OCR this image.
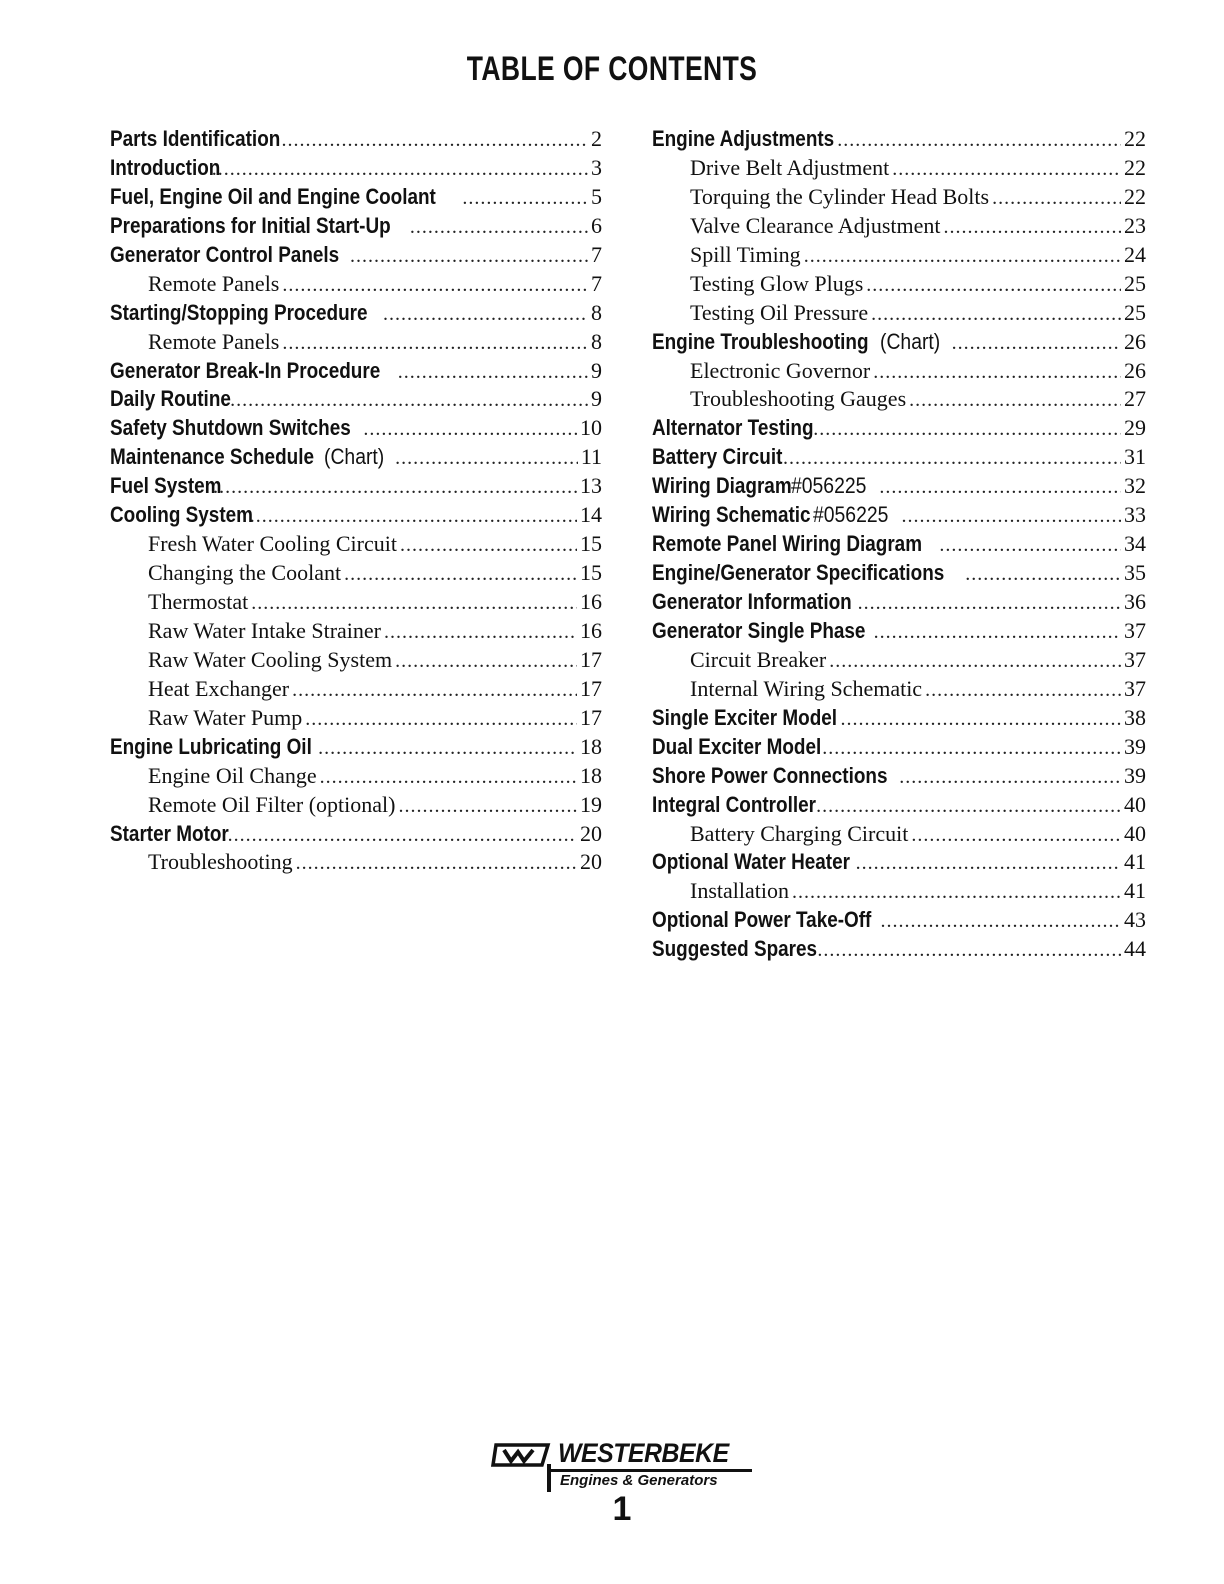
TABLE OF CONTENTS
Parts Identification .....	2
Introduction .....	3
Fuel, Engine Oil and Engine Coolant .....	5
Preparations for Initial Start-Up .....	6
Generator Control Panels .....	7
Remote Panels .....	7
Starting/Stopping Procedure .....	8
Remote Panels .....	8
Generator Break-In Procedure .....	9
Daily Routine .....	9
Safety Shutdown Switches .....	10
Maintenance Schedule (Chart) .....	11
Fuel System .....	13
Cooling System .....	14
Fresh Water Cooling Circuit .....	15
Changing the Coolant .....	15
Thermostat .....	16
Raw Water Intake Strainer .....	16
Raw Water Cooling System .....	17
Heat Exchanger .....	17
Raw Water Pump .....	17
Engine Lubricating Oil .....	18
Engine Oil Change .....	18
Remote Oil Filter (optional) .....	19
Starter Motor .....	20
Troubleshooting .....	20
Engine Adjustments .....	22
Drive Belt Adjustment .....	22
Torquing the Cylinder Head Bolts .....	22
Valve Clearance Adjustment .....	23
Spill Timing .....	24
Testing Glow Plugs .....	25
Testing Oil Pressure .....	25
Engine Troubleshooting (Chart) .....	26
Electronic Governor .....	26
Troubleshooting Gauges .....	27
Alternator Testing .....	29
Battery Circuit .....	31
Wiring Diagram #056225 .....	32
Wiring Schematic #056225 .....	33
Remote Panel Wiring Diagram .....	34
Engine/Generator Specifications .....	35
Generator Information .....	36
Generator Single Phase .....	37
Circuit Breaker .....	37
Internal Wiring Schematic .....	37
Single Exciter Model .....	38
Dual Exciter Model .....	39
Shore Power Connections .....	39
Integral Controller .....	40
Battery Charging Circuit .....	40
Optional Water Heater .....	41
Installation .....	41
Optional Power Take-Off .....	43
Suggested Spares .....	44
WESTERBEKE
Engines & Generators
1
